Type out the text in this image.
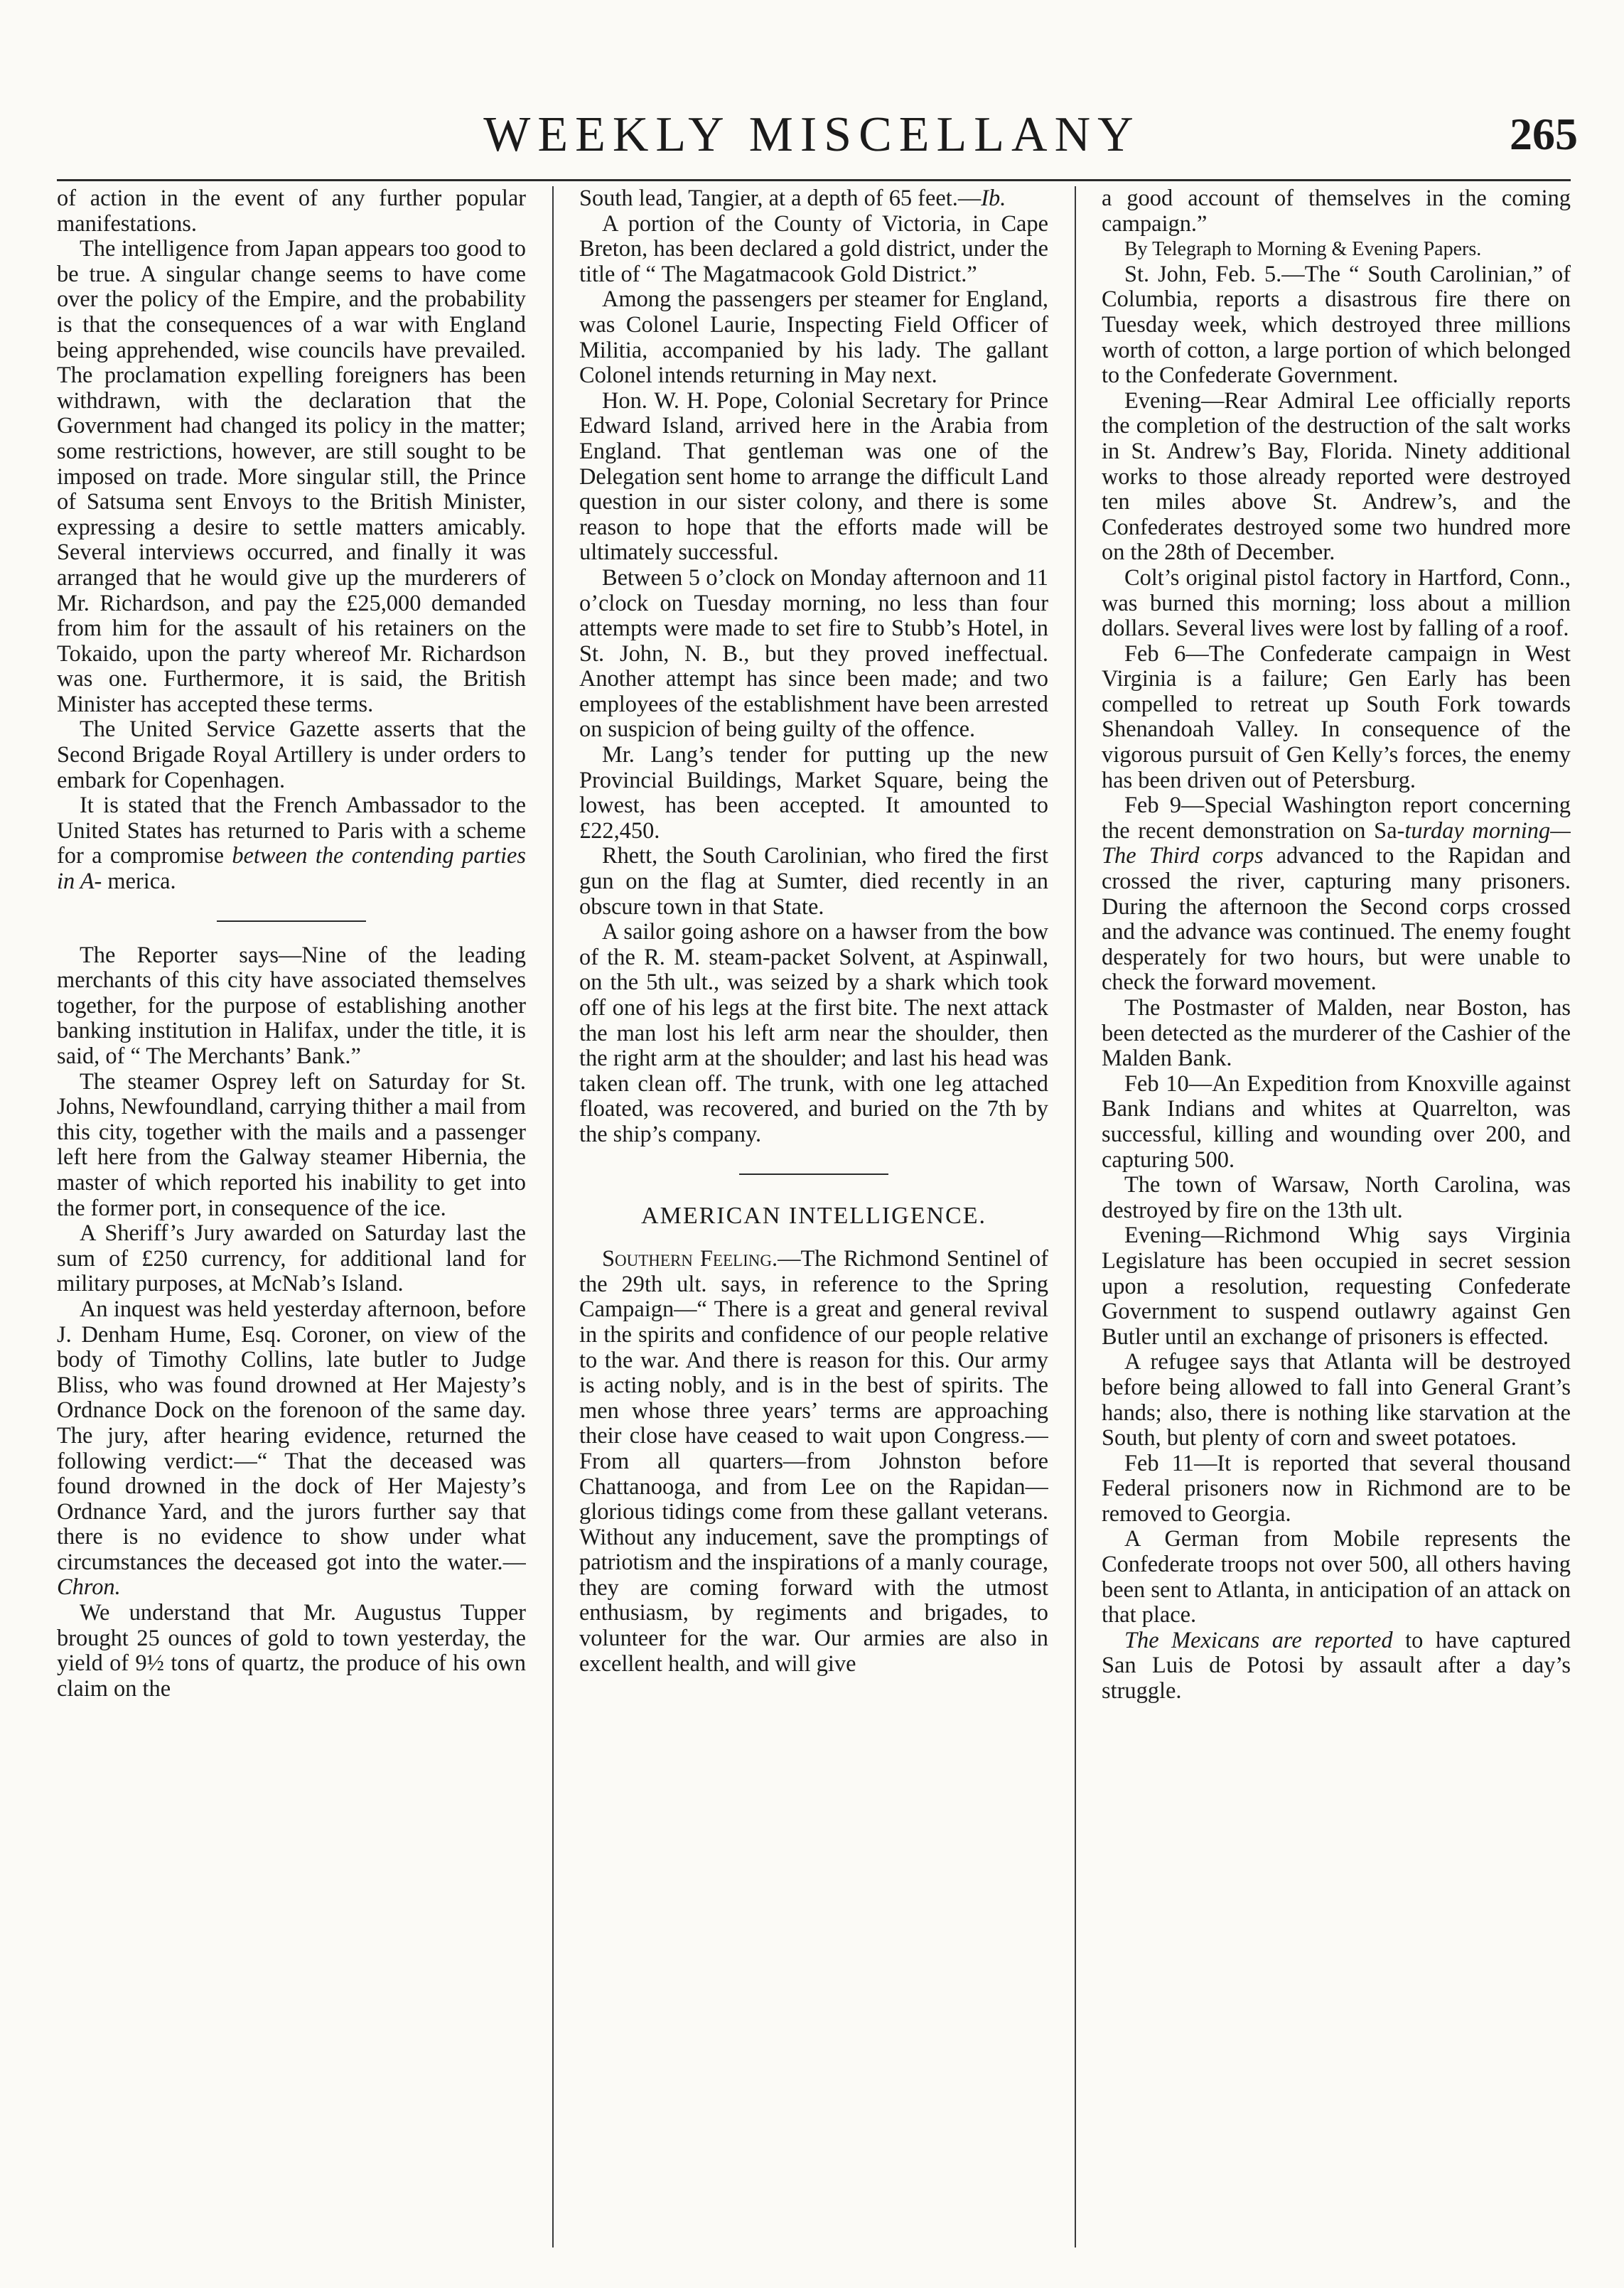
WEEKLY MISCELLANY	265

of action in the event of any further popular manifestations.

The intelligence from Japan appears too good to be true. A singular change seems to have come over the policy of the Empire, and the probability is that the consequences of a war with England being apprehended, wise councils have prevailed. The proclamation expelling foreigners has been withdrawn, with the declaration that the Government had changed its policy in the matter; some restrictions, however, are still sought to be imposed on trade. More singular still, the Prince of Satsuma sent Envoys to the British Minister, expressing a desire to settle matters amicably. Several interviews occurred, and finally it was arranged that he would give up the murderers of Mr. Richardson, and pay the £25,000 demanded from him for the assault of his retainers on the Tokaido, upon the party whereof Mr. Richardson was one. Furthermore, it is said, the British Minister has accepted these terms.

The United Service Gazette asserts that the Second Brigade Royal Artillery is under orders to embark for Copenhagen.

It is stated that the French Ambassador to the United States has returned to Paris with a scheme for a compromise between the contending parties in A- merica.

The Reporter says—Nine of the leading merchants of this city have associated themselves together, for the purpose of establishing another banking institution in Halifax, under the title, it is said, of “ The Merchants’ Bank.”

The steamer Osprey left on Saturday for St. Johns, Newfoundland, carrying thither a mail from this city, together with the mails and a passenger left here from the Galway steamer Hibernia, the master of which reported his inability to get into the former port, in consequence of the ice.

A Sheriff’s Jury awarded on Saturday last the sum of £250 currency, for additional land for military purposes, at McNab’s Island.

An inquest was held yesterday afternoon, before J. Denham Hume, Esq. Coroner, on view of the body of Timothy Collins, late butler to Judge Bliss, who was found drowned at Her Majesty’s Ordnance Dock on the forenoon of the same day. The jury, after hearing evidence, returned the following verdict:—“ That the deceased was found drowned in the dock of Her Majesty’s Ordnance Yard, and the jurors further say that there is no evidence to show under what circumstances the deceased got into the water.— Chron.

We understand that Mr. Augustus Tupper brought 25 ounces of gold to town yesterday, the yield of 9½ tons of quartz, the produce of his own claim on the

South lead, Tangier, at a depth of 65 feet.—Ib.

A portion of the County of Victoria, in Cape Breton, has been declared a gold district, under the title of “ The Magatmacook Gold District.”

Among the passengers per steamer for England, was Colonel Laurie, Inspecting Field Officer of Militia, accompanied by his lady. The gallant Colonel intends returning in May next.

Hon. W. H. Pope, Colonial Secretary for Prince Edward Island, arrived here in the Arabia from England. That gentleman was one of the Delegation sent home to arrange the difficult Land question in our sister colony, and there is some reason to hope that the efforts made will be ultimately successful.

Between 5 o’clock on Monday afternoon and 11 o’clock on Tuesday morning, no less than four attempts were made to set fire to Stubb’s Hotel, in St. John, N. B., but they proved ineffectual. Another attempt has since been made; and two employees of the establishment have been arrested on suspicion of being guilty of the offence.

Mr. Lang’s tender for putting up the new Provincial Buildings, Market Square, being the lowest, has been accepted. It amounted to £22,450.

Rhett, the South Carolinian, who fired the first gun on the flag at Sumter, died recently in an obscure town in that State.

A sailor going ashore on a hawser from the bow of the R. M. steam-packet Solvent, at Aspinwall, on the 5th ult., was seized by a shark which took off one of his legs at the first bite. The next attack the man lost his left arm near the shoulder, then the right arm at the shoulder; and last his head was taken clean off. The trunk, with one leg attached floated, was recovered, and buried on the 7th by the ship’s company.

AMERICAN INTELLIGENCE.

Southern Feeling.—The Richmond Sentinel of the 29th ult. says, in reference to the Spring Campaign—“ There is a great and general revival in the spirits and confidence of our people relative to the war. And there is reason for this. Our army is acting nobly, and is in the best of spirits. The men whose three years’ terms are approaching their close have ceased to wait upon Congress.—From all quarters—from Johnston before Chattanooga, and from Lee on the Rapidan—glorious tidings come from these gallant veterans. Without any inducement, save the promptings of patriotism and the inspirations of a manly courage, they are coming forward with the utmost enthusiasm, by regiments and brigades, to volunteer for the war. Our armies are also in excellent health, and will give

a good account of themselves in the coming campaign.”

By Telegraph to Morning & Evening Papers.

St. John, Feb. 5.—The “ South Carolinian,” of Columbia, reports a disastrous fire there on Tuesday week, which destroyed three millions worth of cotton, a large portion of which belonged to the Confederate Government.

Evening—Rear Admiral Lee officially reports the completion of the destruction of the salt works in St. Andrew’s Bay, Florida. Ninety additional works to those already reported were destroyed ten miles above St. Andrew’s, and the Confederates destroyed some two hundred more on the 28th of December.

Colt’s original pistol factory in Hartford, Conn., was burned this morning; loss about a million dollars. Several lives were lost by falling of a roof.

Feb 6—The Confederate campaign in West Virginia is a failure; Gen Early has been compelled to retreat up South Fork towards Shenandoah Valley. In consequence of the vigorous pursuit of Gen Kelly’s forces, the enemy has been driven out of Petersburg.

Feb 9—Special Washington report concerning the recent demonstration on Sa-turday morning—The Third corps advanced to the Rapidan and crossed the river, capturing many prisoners. During the afternoon the Second corps crossed and the advance was continued. The enemy fought desperately for two hours, but were unable to check the forward movement.

The Postmaster of Malden, near Boston, has been detected as the murderer of the Cashier of the Malden Bank.

Feb 10—An Expedition from Knoxville against Bank Indians and whites at Quarrelton, was successful, killing and wounding over 200, and capturing 500.

The town of Warsaw, North Carolina, was destroyed by fire on the 13th ult.

Evening—Richmond Whig says Virginia Legislature has been occupied in secret session upon a resolution, requesting Confederate Government to suspend outlawry against Gen Butler until an exchange of prisoners is effected.

A refugee says that Atlanta will be destroyed before being allowed to fall into General Grant’s hands; also, there is nothing like starvation at the South, but plenty of corn and sweet potatoes.

Feb 11—It is reported that several thousand Federal prisoners now in Richmond are to be removed to Georgia.

A German from Mobile represents the Confederate troops not over 500, all others having been sent to Atlanta, in anticipation of an attack on that place.

The Mexicans are reported to have captured San Luis de Potosi by assault after a day’s struggle.
